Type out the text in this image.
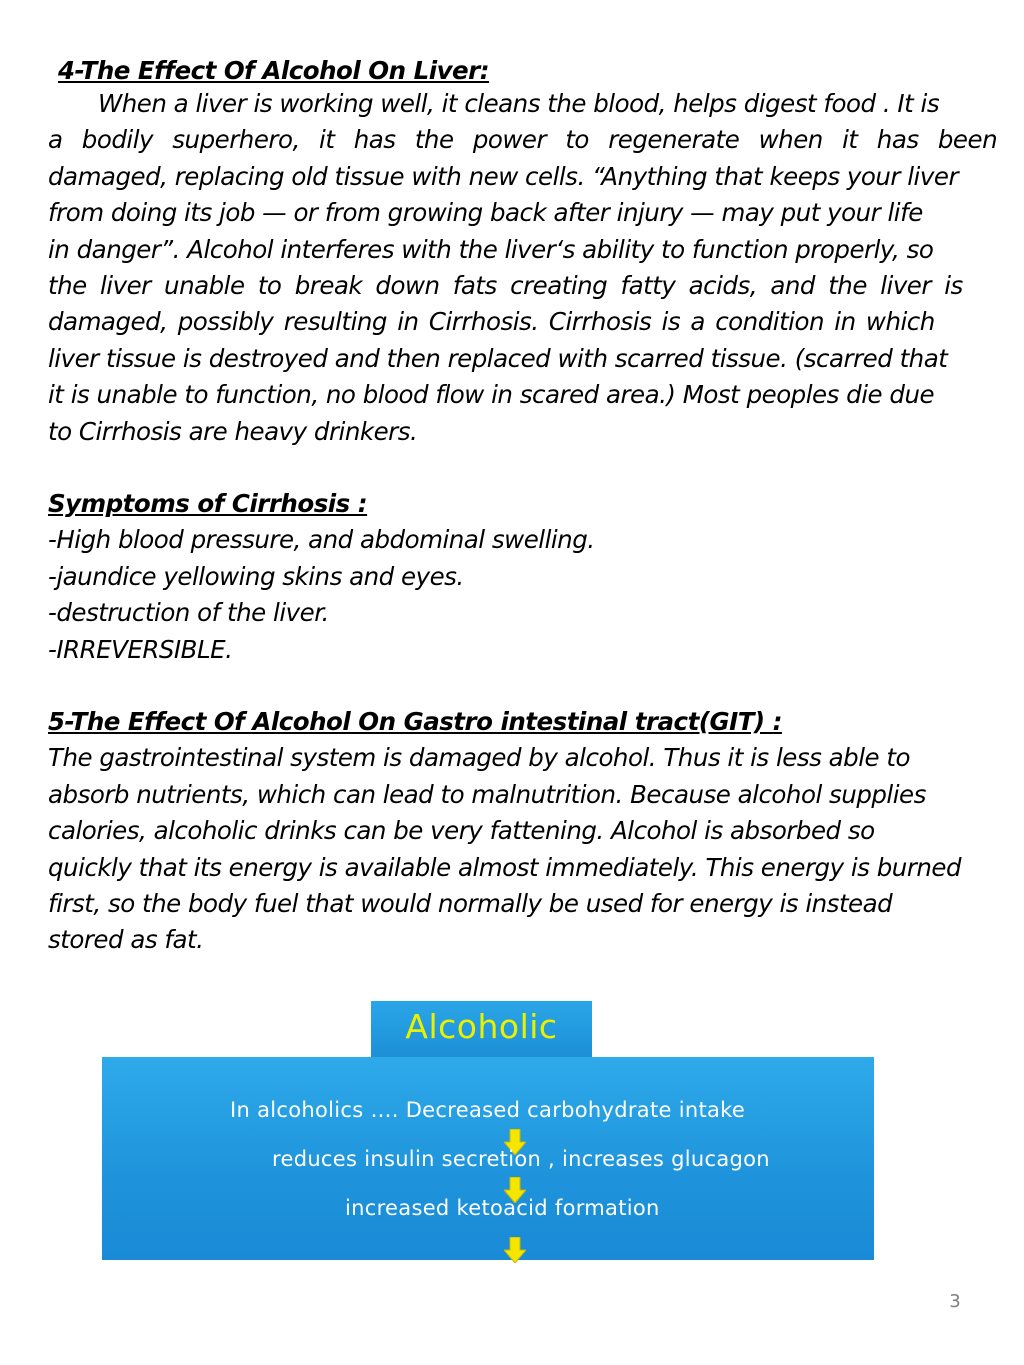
4-The Effect Of Alcohol On Liver:
When a liver is working well, it cleans the blood, helps digest food . It is
a bodily superhero, it has the power to regenerate when it has been
damaged, replacing old tissue with new cells. “Anything that keeps your liver
from doing its job — or from growing back after injury — may put your life
in danger”. Alcohol interferes with the liver‘s ability to function properly, so
the liver unable to break down fats creating fatty acids, and the liver is
damaged, possibly resulting in Cirrhosis. Cirrhosis is a condition in which
liver tissue is destroyed and then replaced with scarred tissue. (scarred that
it is unable to function, no blood flow in scared area.) Most peoples die due
to Cirrhosis are heavy drinkers.
Symptoms of Cirrhosis :
-High blood pressure, and abdominal swelling.
-jaundice yellowing skins and eyes.
-destruction of the liver.
-IRREVERSIBLE.
5-The Effect Of Alcohol On Gastro intestinal tract(GIT) :
The gastrointestinal system is damaged by alcohol. Thus it is less able to
absorb nutrients, which can lead to malnutrition. Because alcohol supplies
calories, alcoholic drinks can be very fattening. Alcohol is absorbed so
quickly that its energy is available almost immediately. This energy is burned
first, so the body fuel that would normally be used for energy is instead
stored as fat.
Alcoholic
In alcoholics …. Decreased carbohydrate intake
reduces insulin secretion , increases glucagon
increased ketoacid formation
3
